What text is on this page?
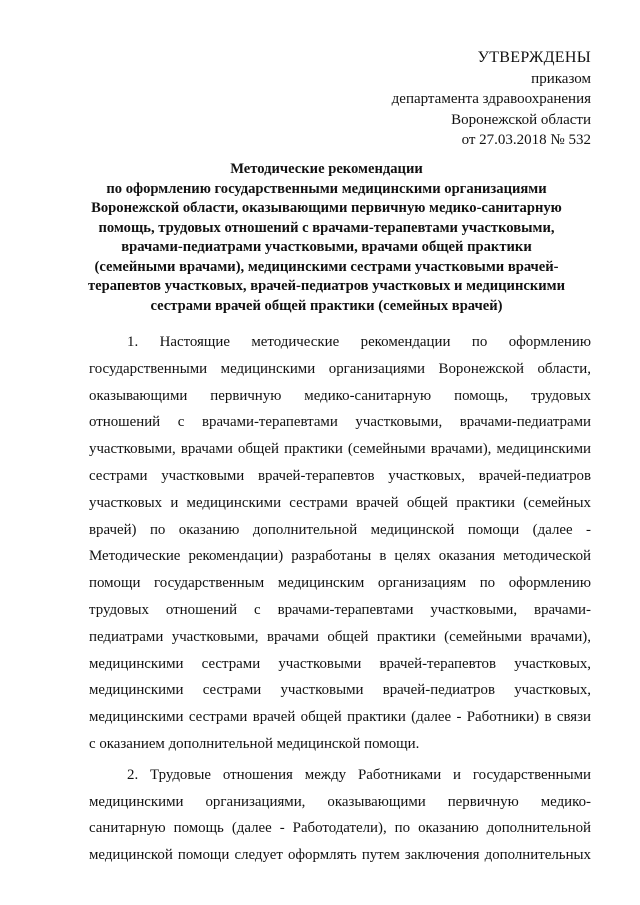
УТВЕРЖДЕНЫ
приказом
департамента здравоохранения
Воронежской области
от 27.03.2018 № 532
Методические рекомендации
по оформлению государственными медицинскими организациями
Воронежской области, оказывающими первичную медико-санитарную
помощь, трудовых отношений с врачами-терапевтами участковыми,
врачами-педиатрами участковыми, врачами общей практики
(семейными врачами), медицинскими сестрами участковыми врачей-
терапевтов участковых, врачей-педиатров участковых и медицинскими
сестрами врачей общей практики (семейных врачей)
1. Настоящие методические рекомендации по оформлению
государственными медицинскими организациями Воронежской области,
оказывающими первичную медико-санитарную помощь, трудовых
отношений с врачами-терапевтами участковыми, врачами-педиатрами
участковыми, врачами общей практики (семейными врачами), медицинскими
сестрами участковыми врачей-терапевтов участковых, врачей-педиатров
участковых и медицинскими сестрами врачей общей практики (семейных
врачей) по оказанию дополнительной медицинской помощи (далее -
Методические рекомендации) разработаны в целях оказания методической
помощи государственным медицинским организациям по оформлению
трудовых отношений с врачами-терапевтами участковыми, врачами-
педиатрами участковыми, врачами общей практики (семейными врачами),
медицинскими сестрами участковыми врачей-терапевтов участковых,
медицинскими сестрами участковыми врачей-педиатров участковых,
медицинскими сестрами врачей общей практики (далее - Работники) в связи
с оказанием дополнительной медицинской помощи.
2. Трудовые отношения между Работниками и государственными
медицинскими организациями, оказывающими первичную медико-
санитарную помощь (далее - Работодатели), по оказанию дополнительной
медицинской помощи следует оформлять путем заключения дополнительных
